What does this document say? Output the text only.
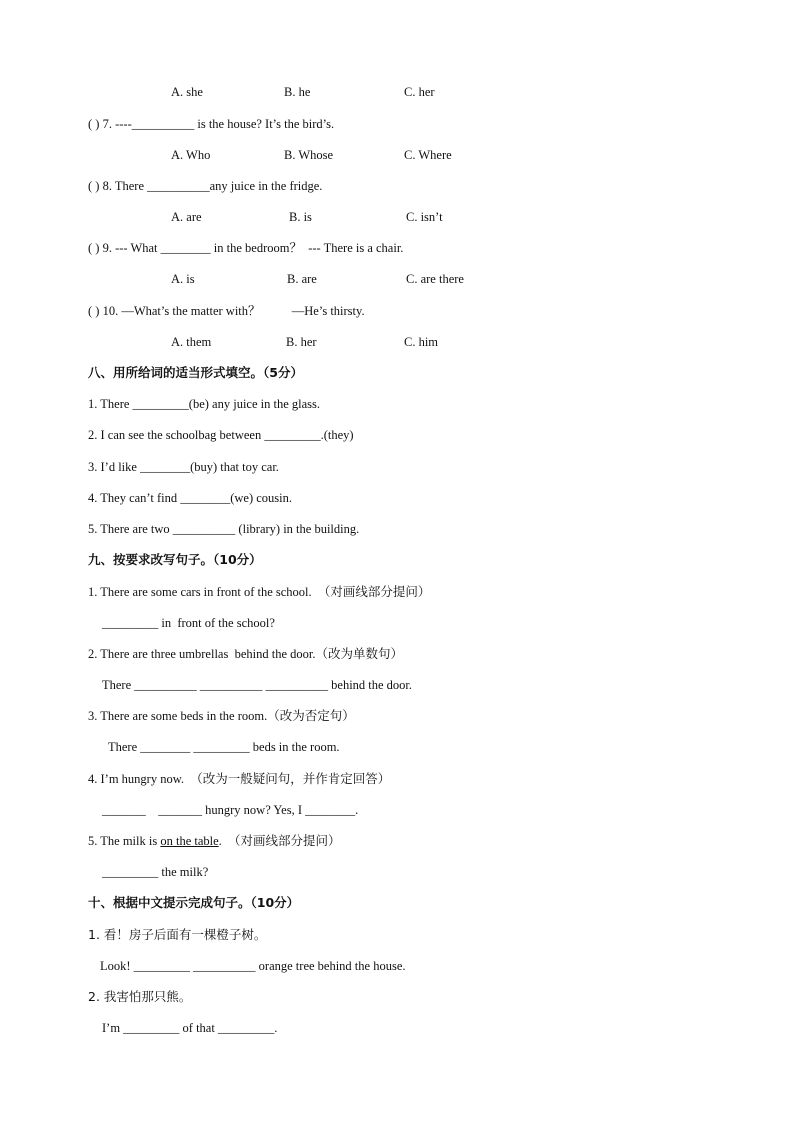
A. she	B. he	C. her
( ) 7. ----__________ is the house? It’s the bird’s.
A. Who	B. Whose	C. Where
( ) 8. There __________any juice in the fridge.
A. are	B. is	C. isn’t
( ) 9. --- What ________ in the bedroom？  --- There is a chair.
A. is	B. are	C. are there
( ) 10. —What’s the matter with？          —He’s thirsty.
A. them	B. her	C. him
八、用所给词的适当形式填空。（5分）
1. There _________(be) any juice in the glass.
2. I can see the schoolbag between _________.(they)
3. I’d like ________(buy) that toy car.
4. They can’t find ________(we) cousin.
5. There are two __________ (library) in the building.
九、按要求改写句子。（10分）
1. There are some cars in front of the school.  （对画线部分提问）
_________ in  front of the school?
2. There are three umbrellas  behind the door.（改为单数句）
There __________ __________ __________ behind the door.
3. There are some beds in the room.（改为否定句）
There ________ _________ beds in the room.
4. I’m hungry now.  （改为一般疑问句，并作肯定回答）
_______    _______ hungry now? Yes, I ________.
5. The milk is on the table.  （对画线部分提问）
_________ the milk?
十、根据中文提示完成句子。（10分）
1. 看！房子后面有一棵橙子树。
Look! _________ __________ orange tree behind the house.
2. 我害怕那只熊。
I’m _________ of that _________.
